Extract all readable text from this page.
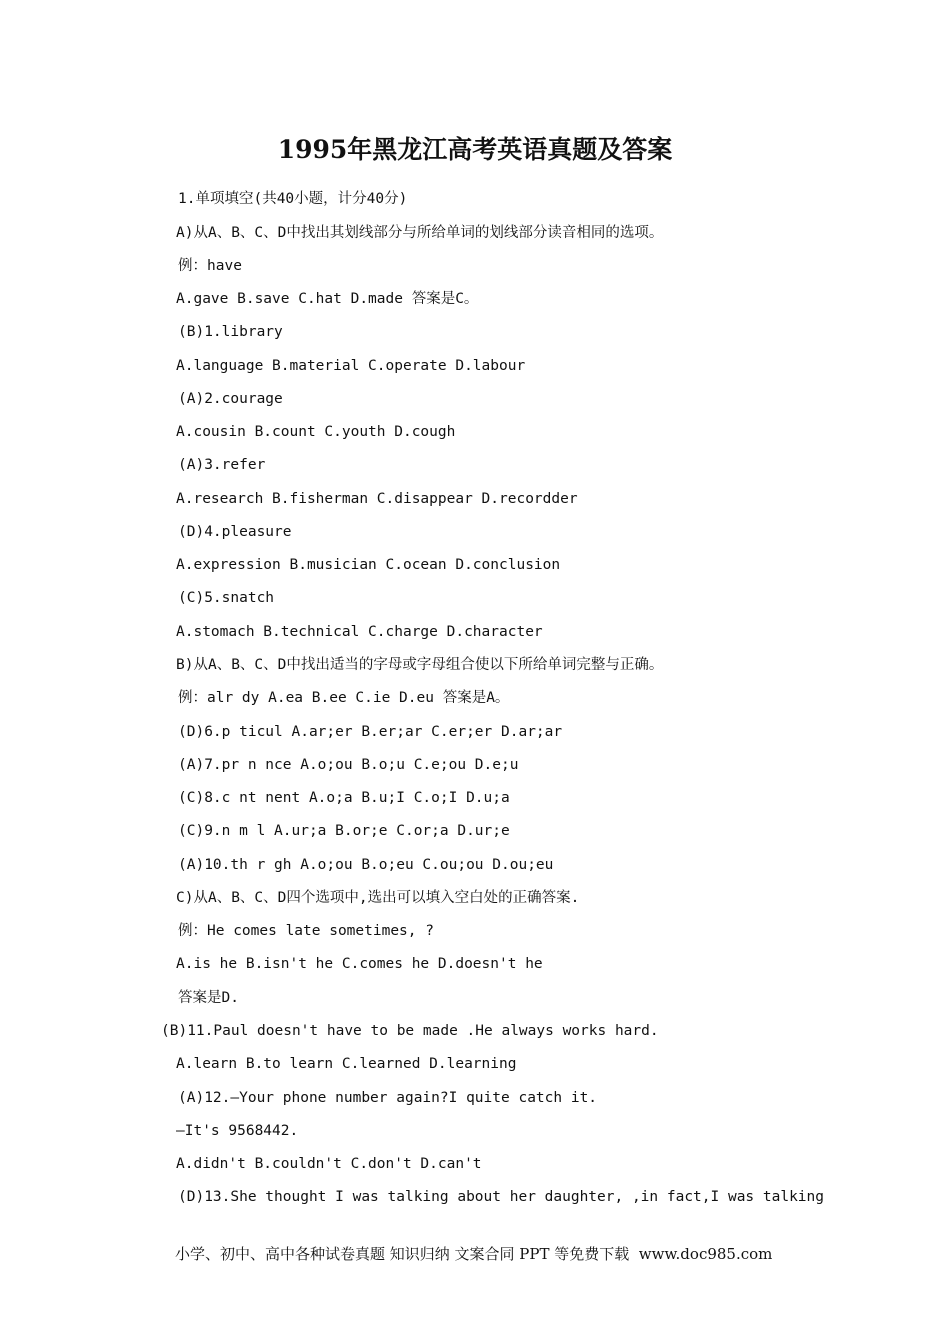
1995年黑龙江高考英语真题及答案
1.单项填空(共40小题，计分40分)
A)从A、B、C、D中找出其划线部分与所给单词的划线部分读音相同的选项。
例：have
A.gave B.save C.hat D.made 答案是C。
(B)1.library
A.language B.material C.operate D.labour
(A)2.courage
A.cousin B.count C.youth D.cough
(A)3.refer
A.research B.fisherman C.disappear D.recordder
(D)4.pleasure
A.expression B.musician C.ocean D.conclusion
(C)5.snatch
A.stomach B.technical C.charge D.character
B)从A、B、C、D中找出适当的字母或字母组合使以下所给单词完整与正确。
例：alr dy A.ea B.ee C.ie D.eu 答案是A。
(D)6.p ticul A.ar;er B.er;ar C.er;er D.ar;ar
(A)7.pr n nce A.o;ou B.o;u C.e;ou D.e;u
(C)8.c nt nent A.o;a B.u;I C.o;I D.u;a
(C)9.n m l A.ur;a B.or;e C.or;a D.ur;e
(A)10.th r gh A.o;ou B.o;eu C.ou;ou D.ou;eu
C)从A、B、C、D四个选项中,选出可以填入空白处的正确答案.
例：He comes late sometimes, ?
A.is he B.isn't he C.comes he D.doesn't he
答案是D.
(B)11.Paul doesn't have to be made .He always works hard.
A.learn B.to learn C.learned D.learning
(A)12.—Your phone number again?I quite catch it.
—It's 9568442.
A.didn't B.couldn't C.don't D.can't
(D)13.She thought I was talking about her daughter, ,in fact,I was talking
小学、初中、高中各种试卷真题 知识归纳 文案合同 PPT 等免费下载  www.doc985.com
